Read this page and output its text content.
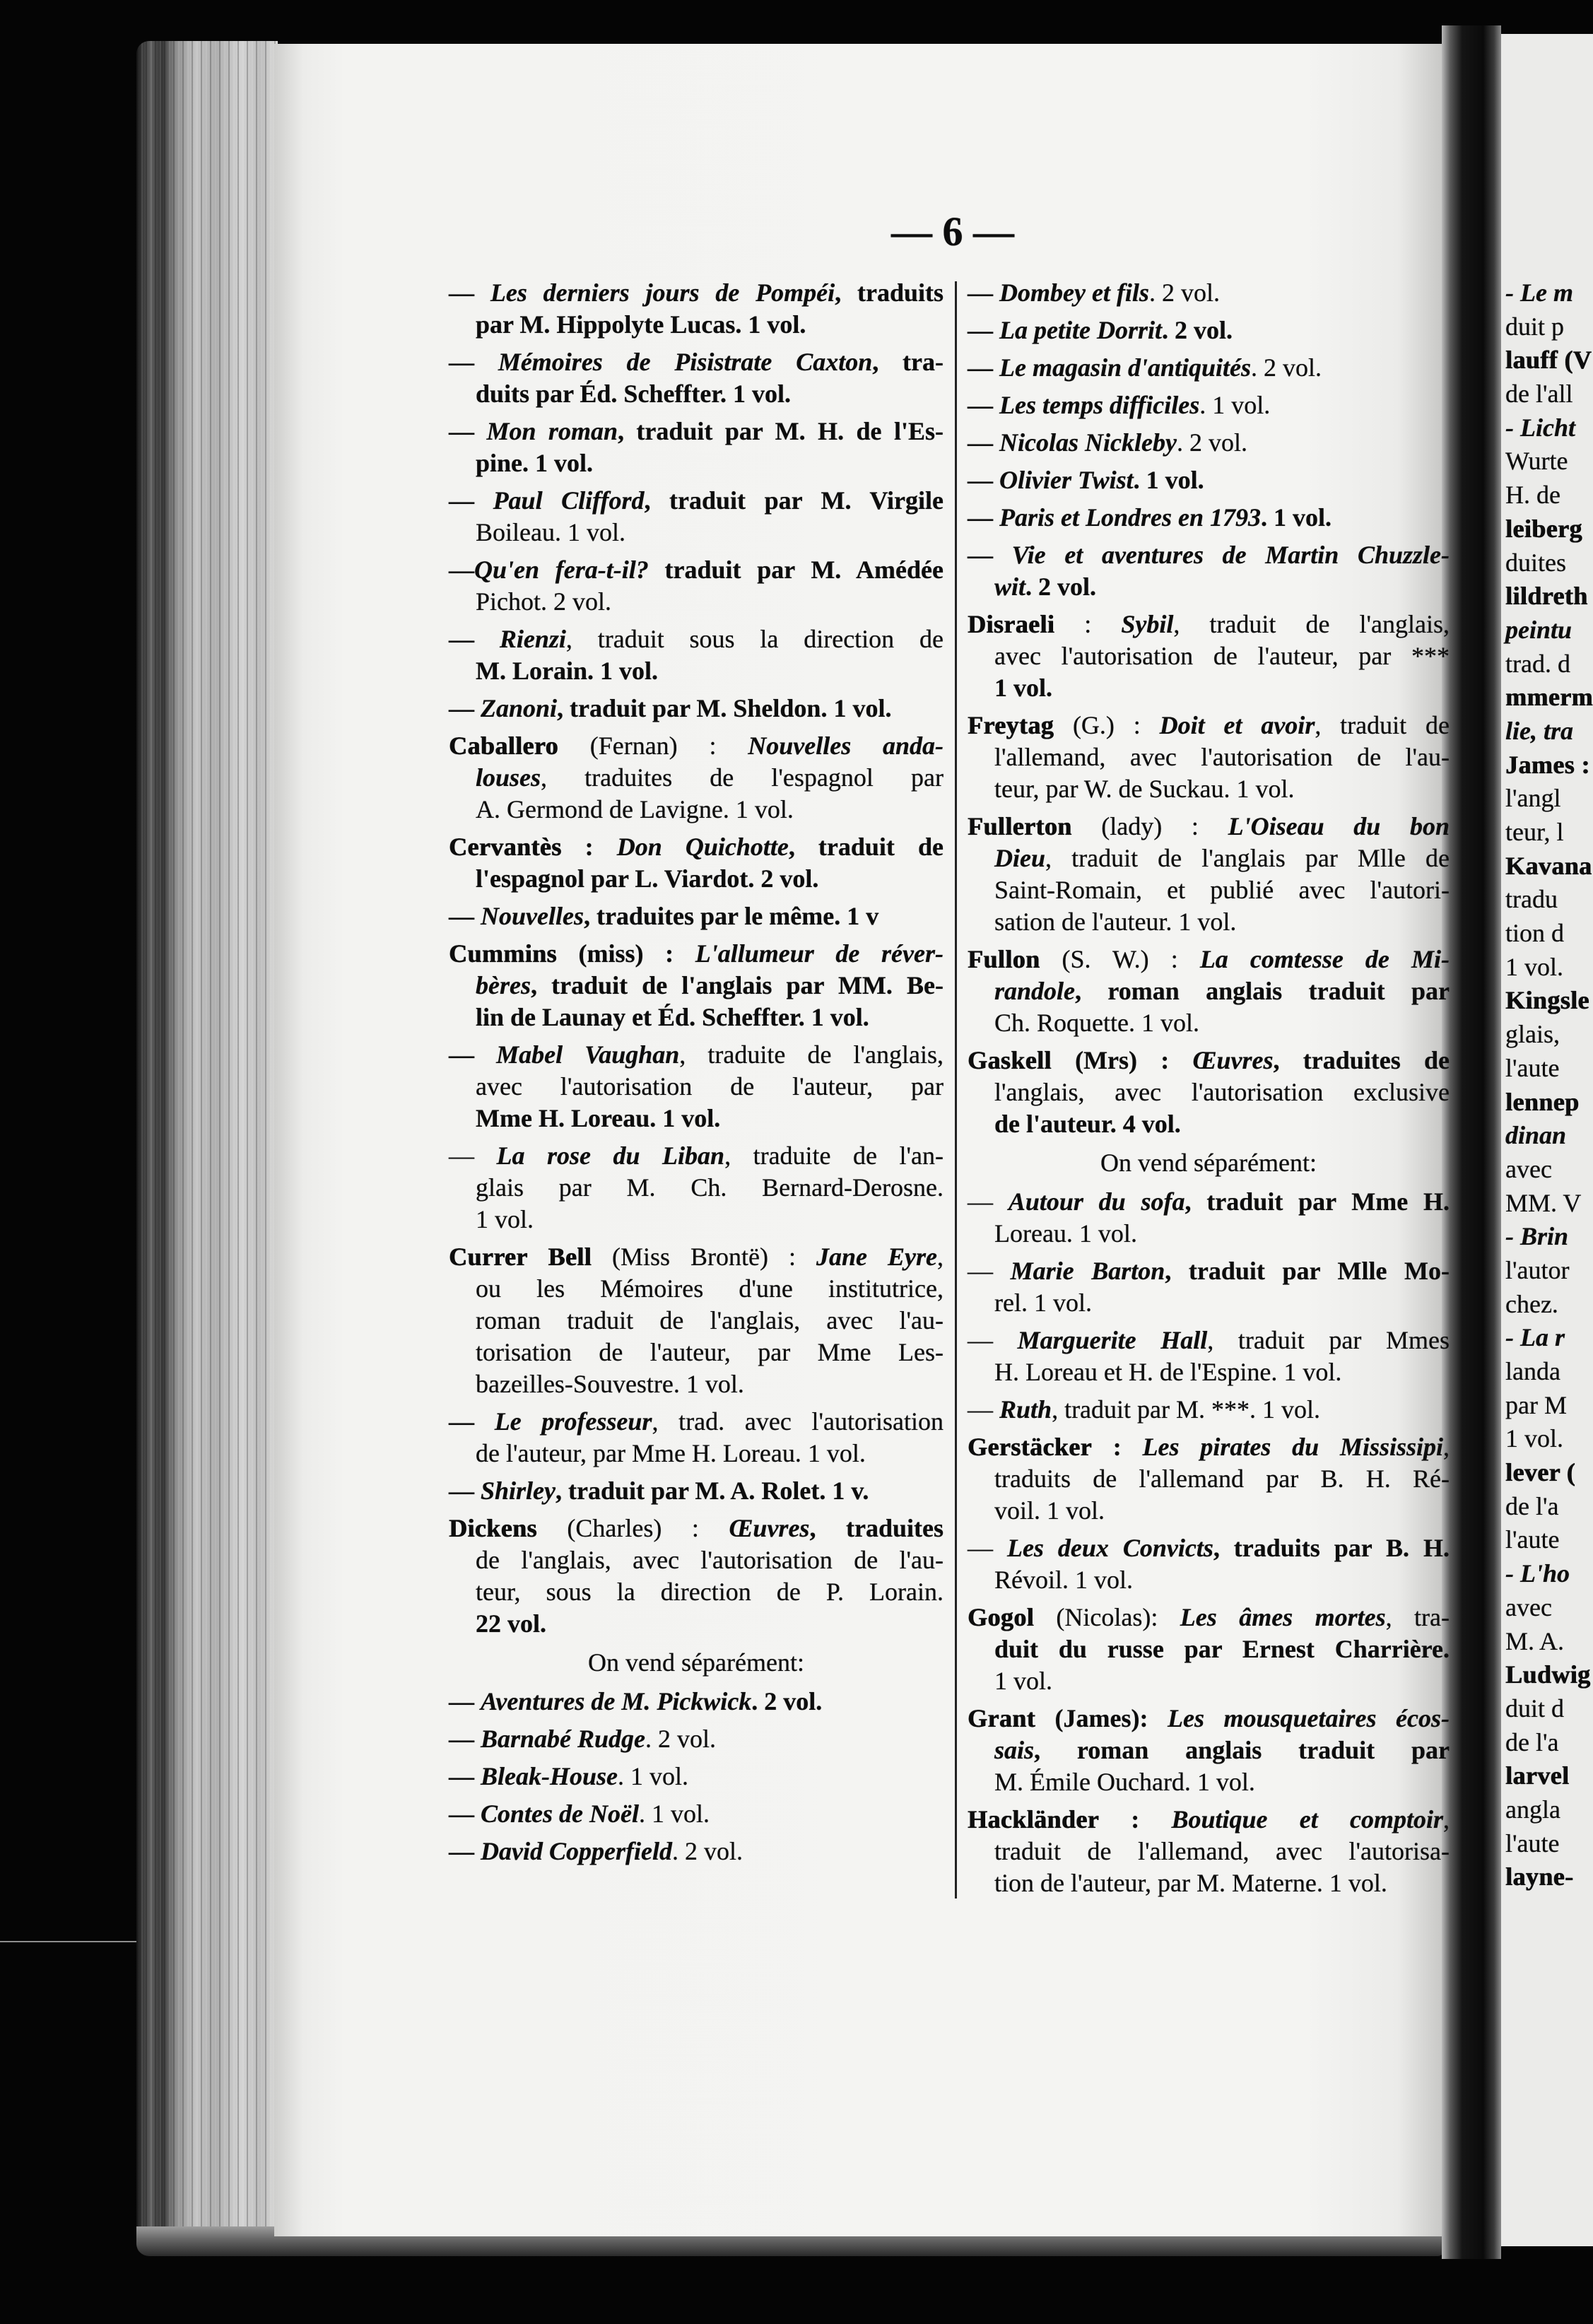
— 6 —
— Les derniers jours de Pompéi, traduits
par M. Hippolyte Lucas. 1 vol.
— Mémoires de Pisistrate Caxton, tra-
duits par Éd. Scheffter. 1 vol.
— Mon roman, traduit par M. H. de l'Es-
pine. 1 vol.
— Paul Clifford, traduit par M. Virgile
Boileau. 1 vol.
—Qu'en fera-t-il? traduit par M. Amédée
Pichot. 2 vol.
— Rienzi, traduit sous la direction de
M. Lorain. 1 vol.
— Zanoni, traduit par M. Sheldon. 1 vol.
Caballero (Fernan) : Nouvelles anda-
louses, traduites de l'espagnol par
A. Germond de Lavigne. 1 vol.
Cervantès : Don Quichotte, traduit de
l'espagnol par L. Viardot. 2 vol.
— Nouvelles, traduites par le même. 1 v
Cummins (miss) : L'allumeur de réver-
bères, traduit de l'anglais par MM. Be-
lin de Launay et Éd. Scheffter. 1 vol.
— Mabel Vaughan, traduite de l'anglais,
avec l'autorisation de l'auteur, par
Mme H. Loreau. 1 vol.
— La rose du Liban, traduite de l'an-
glais par M. Ch. Bernard-Derosne.
1 vol.
Currer Bell (Miss Brontë) : Jane Eyre,
ou les Mémoires d'une institutrice,
roman traduit de l'anglais, avec l'au-
torisation de l'auteur, par Mme Les-
bazeilles-Souvestre. 1 vol.
— Le professeur, trad. avec l'autorisation
de l'auteur, par Mme H. Loreau. 1 vol.
— Shirley, traduit par M. A. Rolet. 1 v.
Dickens (Charles) : Œuvres, traduites
de l'anglais, avec l'autorisation de l'au-
teur, sous la direction de P. Lorain.
22 vol.
On vend séparément:
— Aventures de M. Pickwick. 2 vol.
— Barnabé Rudge. 2 vol.
— Bleak-House. 1 vol.
— Contes de Noël. 1 vol.
— David Copperfield. 2 vol.
— Dombey et fils. 2 vol.
— La petite Dorrit. 2 vol.
— Le magasin d'antiquités. 2 vol.
— Les temps difficiles. 1 vol.
— Nicolas Nickleby. 2 vol.
— Olivier Twist. 1 vol.
— Paris et Londres en 1793. 1 vol.
— Vie et aventures de Martin Chuzzle-
wit. 2 vol.
Disraeli : Sybil, traduit de l'anglais,
avec l'autorisation de l'auteur, par ***
1 vol.
Freytag (G.) : Doit et avoir, traduit de
l'allemand, avec l'autorisation de l'au-
teur, par W. de Suckau. 1 vol.
Fullerton (lady) : L'Oiseau du bon
Dieu, traduit de l'anglais par Mlle de
Saint-Romain, et publié avec l'autori-
sation de l'auteur. 1 vol.
Fullon (S. W.) : La comtesse de Mi-
randole, roman anglais traduit par
Ch. Roquette. 1 vol.
Gaskell (Mrs) : Œuvres, traduites de
l'anglais, avec l'autorisation exclusive
de l'auteur. 4 vol.
On vend séparément:
— Autour du sofa, traduit par Mme H.
Loreau. 1 vol.
— Marie Barton, traduit par Mlle Mo-
rel. 1 vol.
— Marguerite Hall, traduit par Mmes
H. Loreau et H. de l'Espine. 1 vol.
— Ruth, traduit par M. ***. 1 vol.
Gerstäcker : Les pirates du Mississipi,
traduits de l'allemand par B. H. Ré-
voil. 1 vol.
— Les deux Convicts, traduits par B. H.
Révoil. 1 vol.
Gogol (Nicolas): Les âmes mortes, tra-
duit du russe par Ernest Charrière.
1 vol.
Grant (James): Les mousquetaires écos-
sais, roman anglais traduit par
M. Émile Ouchard. 1 vol.
Hackländer : Boutique et comptoir,
traduit de l'allemand, avec l'autorisa-
tion de l'auteur, par M. Materne. 1 vol.
- Le m
duit p
lauff (V
de l'all
- Licht
Wurte
H. de
leiberg
duites
lildreth
peintu
trad. d
mmerm
lie, tra
James :
l'angl
teur, l
Kavana
tradu
tion d
1 vol.
Kingsle
glais,
l'aute
lennep
dinan
avec
MM. V
- Brin
l'autor
chez.
- La r
landa
par M
1 vol.
lever (
de l'a
l'aute
- L'ho
avec
M. A.
Ludwig
duit d
de l'a
larvel
angla
l'aute
layne-
